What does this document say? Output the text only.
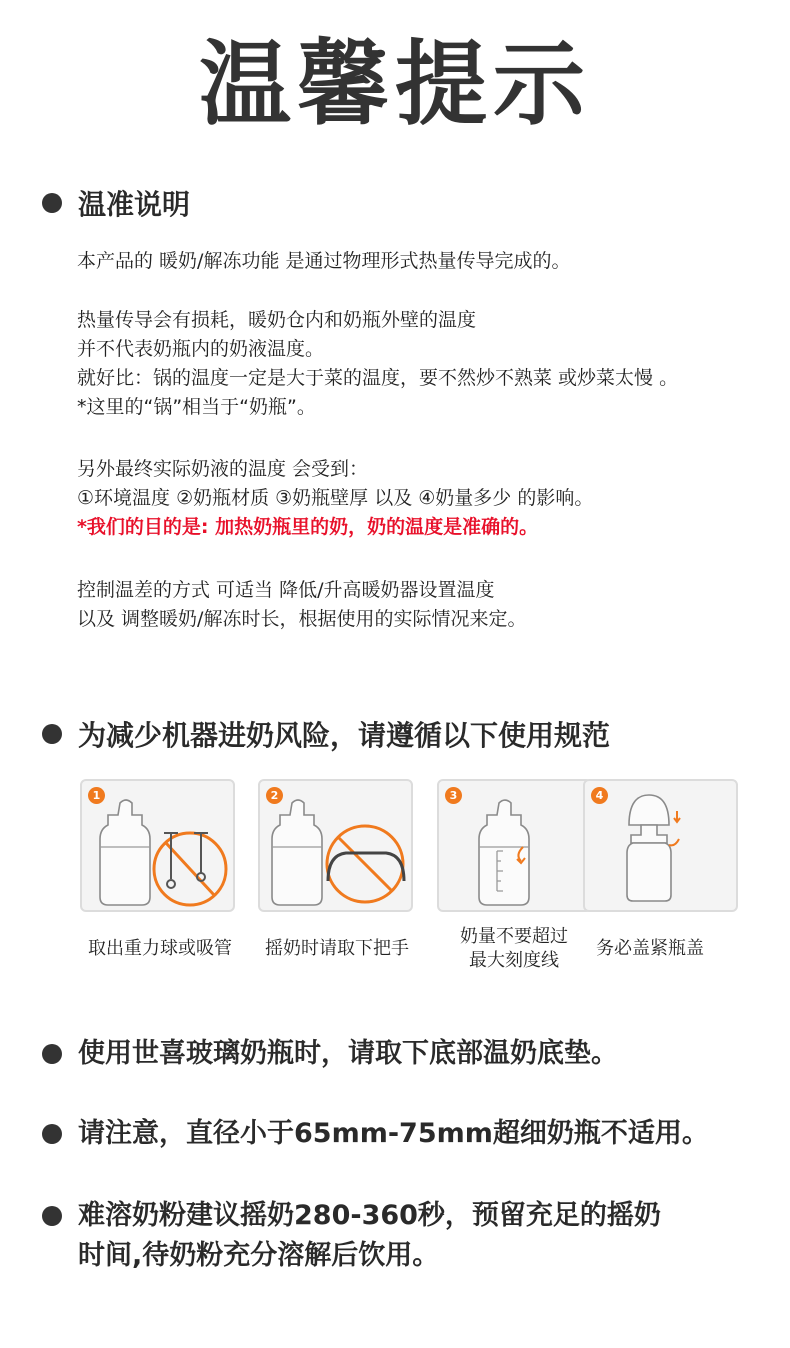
温馨提示
温准说明
本产品的 暖奶/解冻功能 是通过物理形式热量传导完成的。
热量传导会有损耗，暖奶仓内和奶瓶外壁的温度
并不代表奶瓶内的奶液温度。
就好比：锅的温度一定是大于菜的温度，要不然炒不熟菜 或炒菜太慢 。
*这里的“锅”相当于“奶瓶”。
另外最终实际奶液的温度 会受到：
①环境温度 ②奶瓶材质 ③奶瓶壁厚 以及 ④奶量多少 的影响。
*我们的目的是: 加热奶瓶里的奶，奶的温度是准确的。
控制温差的方式 可适当 降低/升高暖奶器设置温度
以及 调整暖奶/解冻时长，根据使用的实际情况来定。
为减少机器进奶风险，请遵循以下使用规范
1	2	3	4
取出重力球或吸管	摇奶时请取下把手
奶量不要超过
最大刻度线
务必盖紧瓶盖
使用世喜玻璃奶瓶时，请取下底部温奶底垫。
请注意，直径小于65mm-75mm超细奶瓶不适用。
难溶奶粉建议摇奶280-360秒，预留充足的摇奶
时间,待奶粉充分溶解后饮用。
